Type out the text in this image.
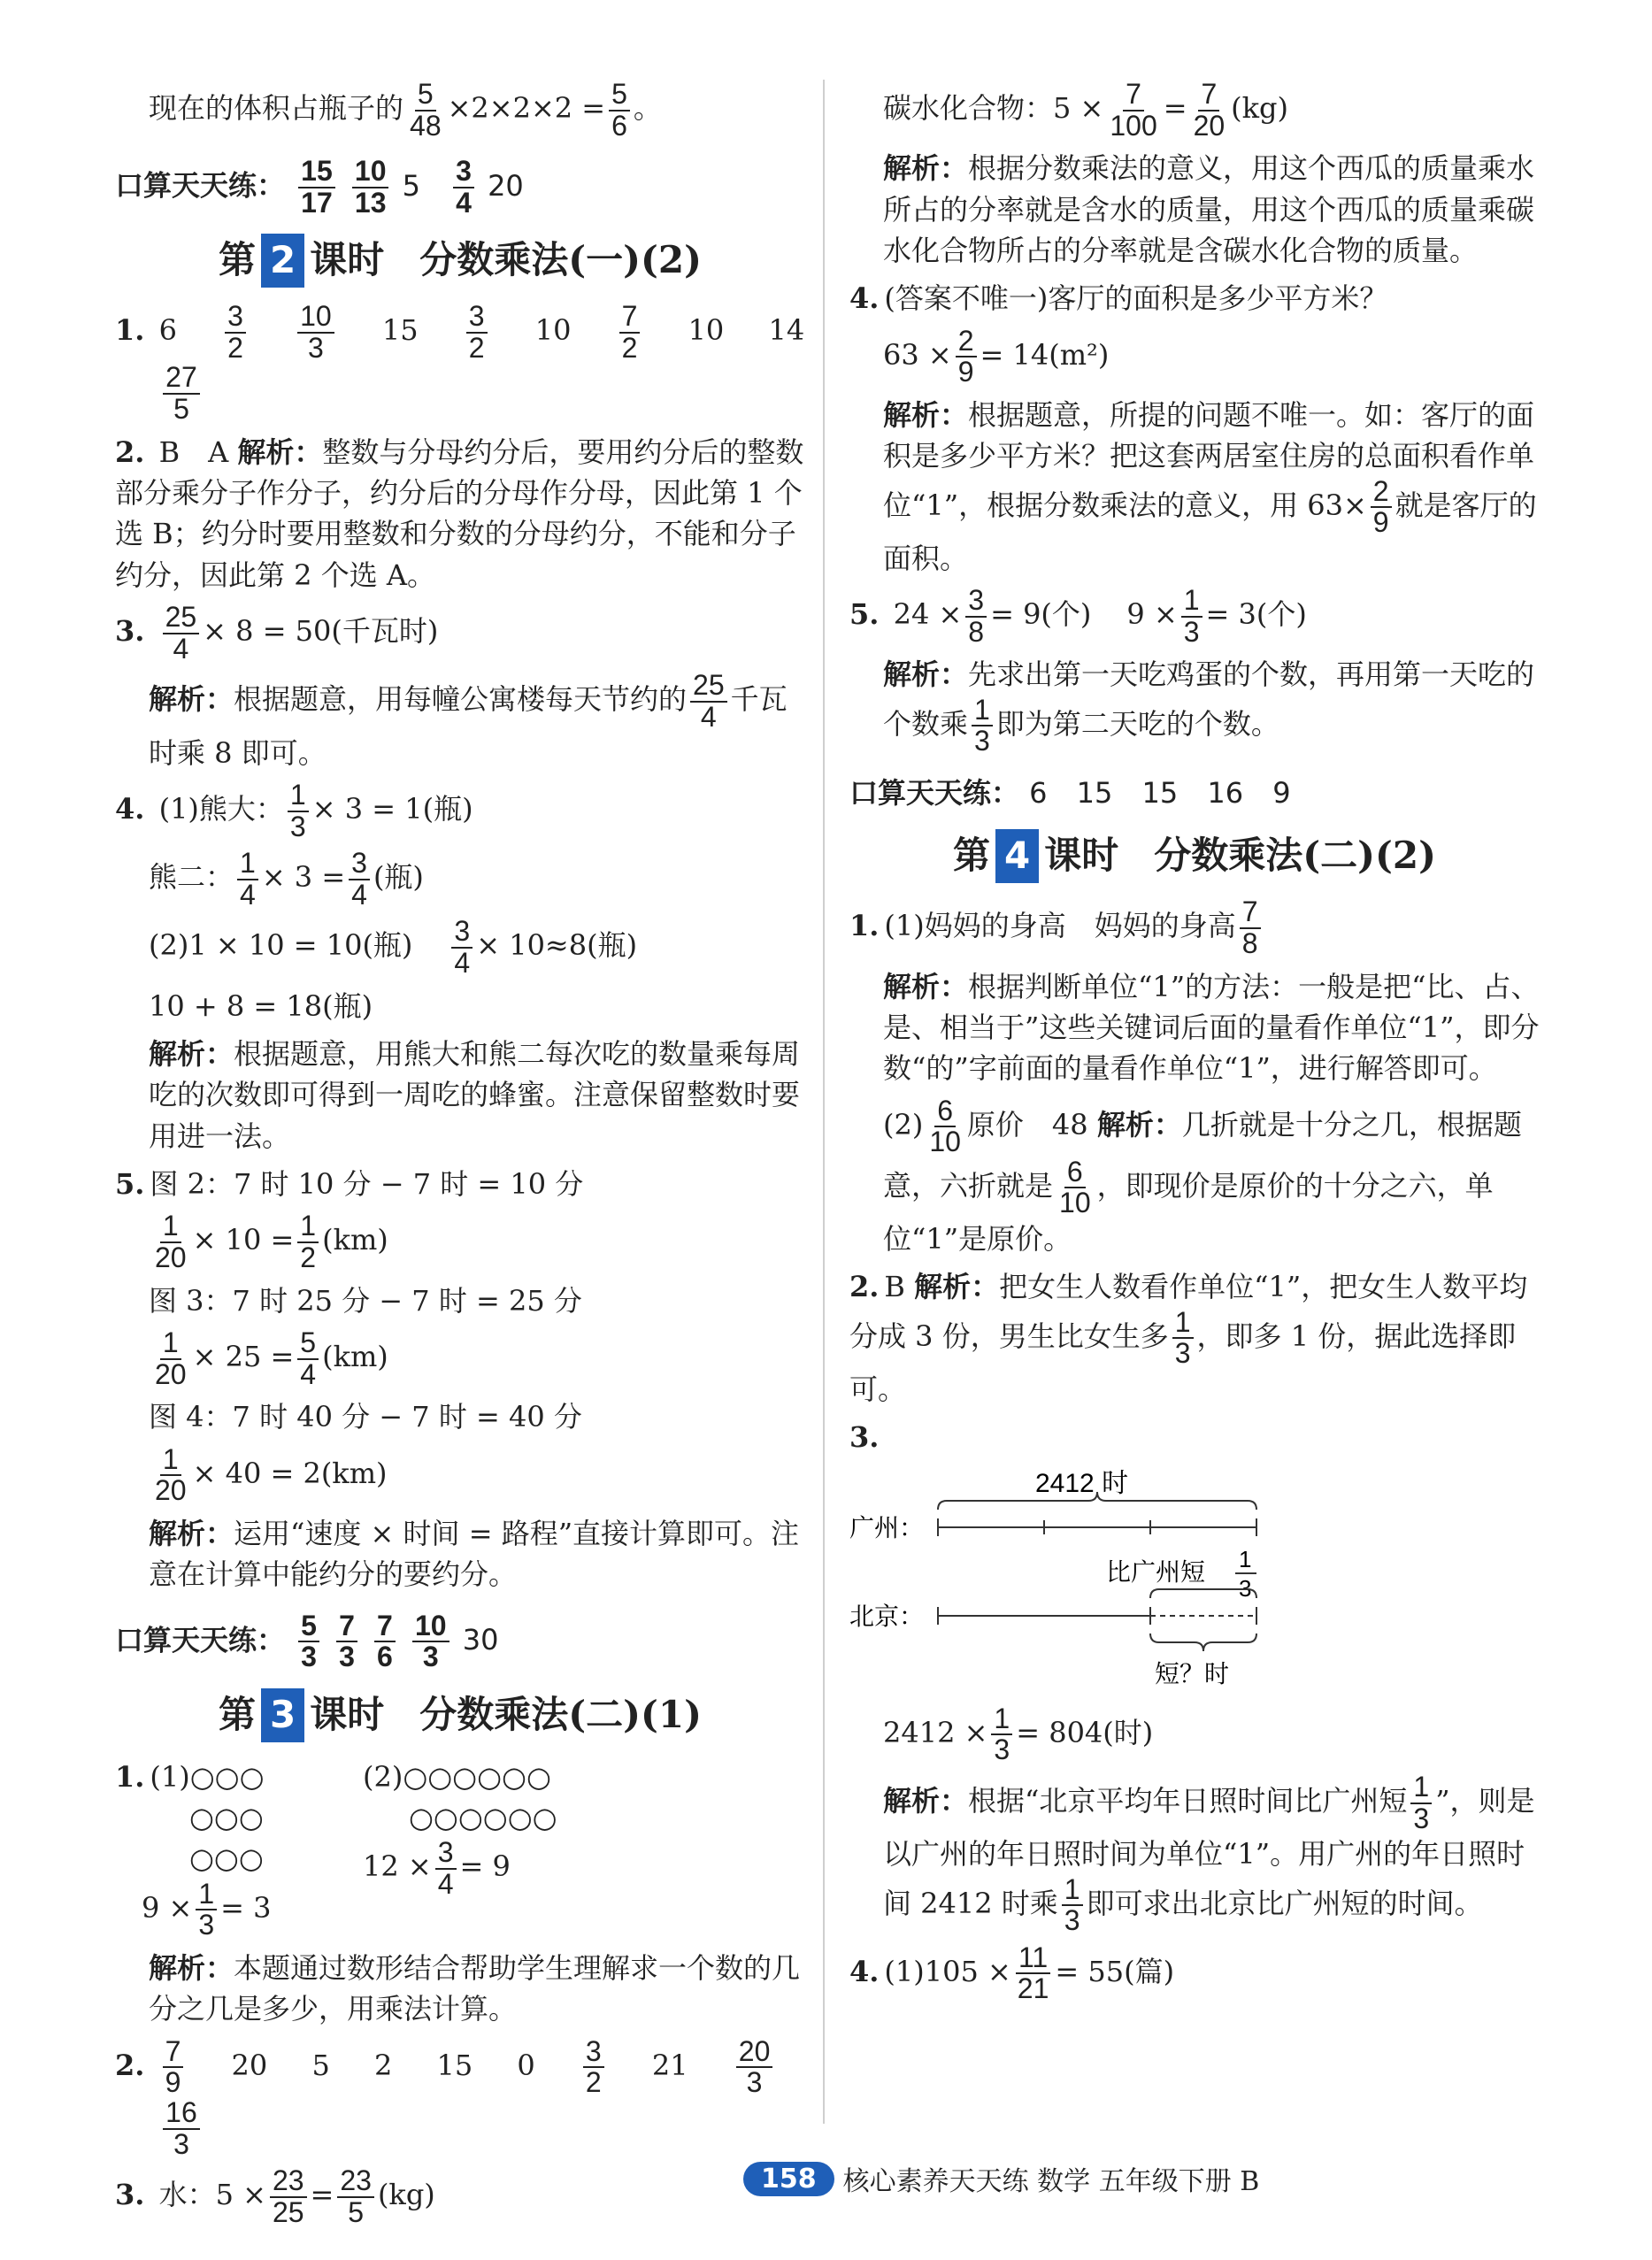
现在的体积占瓶子的 $\frac{5}{48} \times 2\times 2\times 2 = \frac{5}{6}$ 。
口算天天练： $\frac{15}{17}$
$\frac{10}{13} 5 \frac{3}{4} 20$
第 2 课时 分数乘法(一)(2)
1. $6 \frac{3}{2}$
$\frac{10}{3} 15 \frac{3}{2} 10 \frac{7}{2} 10$ 14
$\frac{27}{5}$
2. B　A 解析：整数与分母约分后，要用约分后的整数部分乘分子作分子，约分后的分母作分母，因此第 1 个选 B；约分时要用整数和分数的分母约分，不能和分子约分，因此第 2 个选 A。
3. $\frac{25}{4} \times 8 = 50$(千瓦时)
解析：根据题意，用每幢公寓楼每天节约的 $\frac{25}{4}$ 千瓦时乘 8 即可。
4. (1)熊大： $\frac{1}{3} \times 3 = 1$(瓶)
熊二： $\frac{1}{4} \times 3 = \frac{3}{4}$ (瓶)
(2)1 × 10 = 10(瓶) $\frac{3}{4} \times 10\approx 8$(瓶)
10 + 8 = 18(瓶)
解析：根据题意，用熊大和熊二每次吃的数量乘每周吃的次数即可得到一周吃的蜂蜜。注意保留整数时要用进一法。
5. 图 2：7 时 10 分 − 7 时 = 10 分
$\frac{1}{20} \times 10 = \frac{1}{2} (km)$
图 3：7 时 25 分 − 7 时 = 25 分
$\frac{1}{20} \times 25 = \frac{5}{4} (km)$
图 4：7 时 40 分 − 7 时 = 40 分
$\frac{1}{20} \times 40 = 2(km)$
解析：运用“速度 × 时间 = 路程”直接计算即可。注意在计算中能约分的要约分。
口算天天练： $\frac{5}{3}$
$\frac{7}{3}$
$\frac{7}{6}$
$\frac{10}{3} 30$
第 3 课时 分数乘法(二)(1)
1. (1)○○○
○○○
○○○
$9 \times \frac{1}{3} = 3$
(2)○○○○○○
○○○○○○
$12 \times \frac{3}{4} = 9$
解析：本题通过数形结合帮助学生理解求一个数的几分之几是多少，用乘法计算。
2. $\frac{7}{9} 20$ 5 2 15 $0 \frac{3}{2} 21 \frac{20}{3}$

$\frac{16}{3}$
3. 水：$5 \times \frac{23}{25} = \frac{23}{5} (kg)$
碳水化合物：$5 \times \frac{7}{100} = \frac{7}{20} (kg)$
解析：根据分数乘法的意义，用这个西瓜的质量乘水所占的分率就是含水的质量，用这个西瓜的质量乘碳水化合物所占的分率就是含碳水化合物的质量。
4. (答案不唯一)客厅的面积是多少平方米？
$63 \times \frac{2}{9} = 14(m^2)$
解析：根据题意，所提的问题不唯一。如：客厅的面积是多少平方米？把这套两居室住房的总面积看作单位“1”，根据分数乘法的意义，用 $63\times \frac{2}{9}$ 就是客厅的面积。
5. $24 \times \frac{3}{8} = 9$(个) $9 \times \frac{1}{3} = 3$(个)
解析：先求出第一天吃鸡蛋的个数，再用第一天吃的个数乘 $\frac{1}{3}$ 即为第二天吃的个数。
口算天天练： 6 15 15 16 9
第 4 课时 分数乘法(二)(2)
1. (1)妈妈的身高　妈妈的身高 $\frac{7}{8}$
解析：根据判断单位“1”的方法：一般是把“比、占、是、相当于”这些关键词后面的量看作单位“1”，即分数“的”字前面的量看作单位“1”，进行解答即可。
$(2) \frac{6}{10}$ 原价　48 解析：几折就是十分之几，根据题意，六折就是 $\frac{6}{10}$ ，即现价是原价的十分之六，单位“1”是原价。
2. B 解析：把女生人数看作单位“1”，把女生人数平均分成 3 份，男生比女生多 $\frac{1}{3}$ ，即多 1 份，据此选择即可。
3.
2412 时
广州：
比广州短 1
3
北京：
短？时
$2412 \times \frac{1}{3} = 804$(时)
解析：根据“北京平均年日照时间比广州短 $\frac{1}{3}$ ”，则是以广州的年日照时间为单位“1”。用广州的年日照时间 2412 时乘 $\frac{1}{3}$ 即可求出北京比广州短的时间。
4. $(1)105 \times \frac{11}{21} = 55$(篇)
158	核心素养天天练 数学 五年级下册 B
